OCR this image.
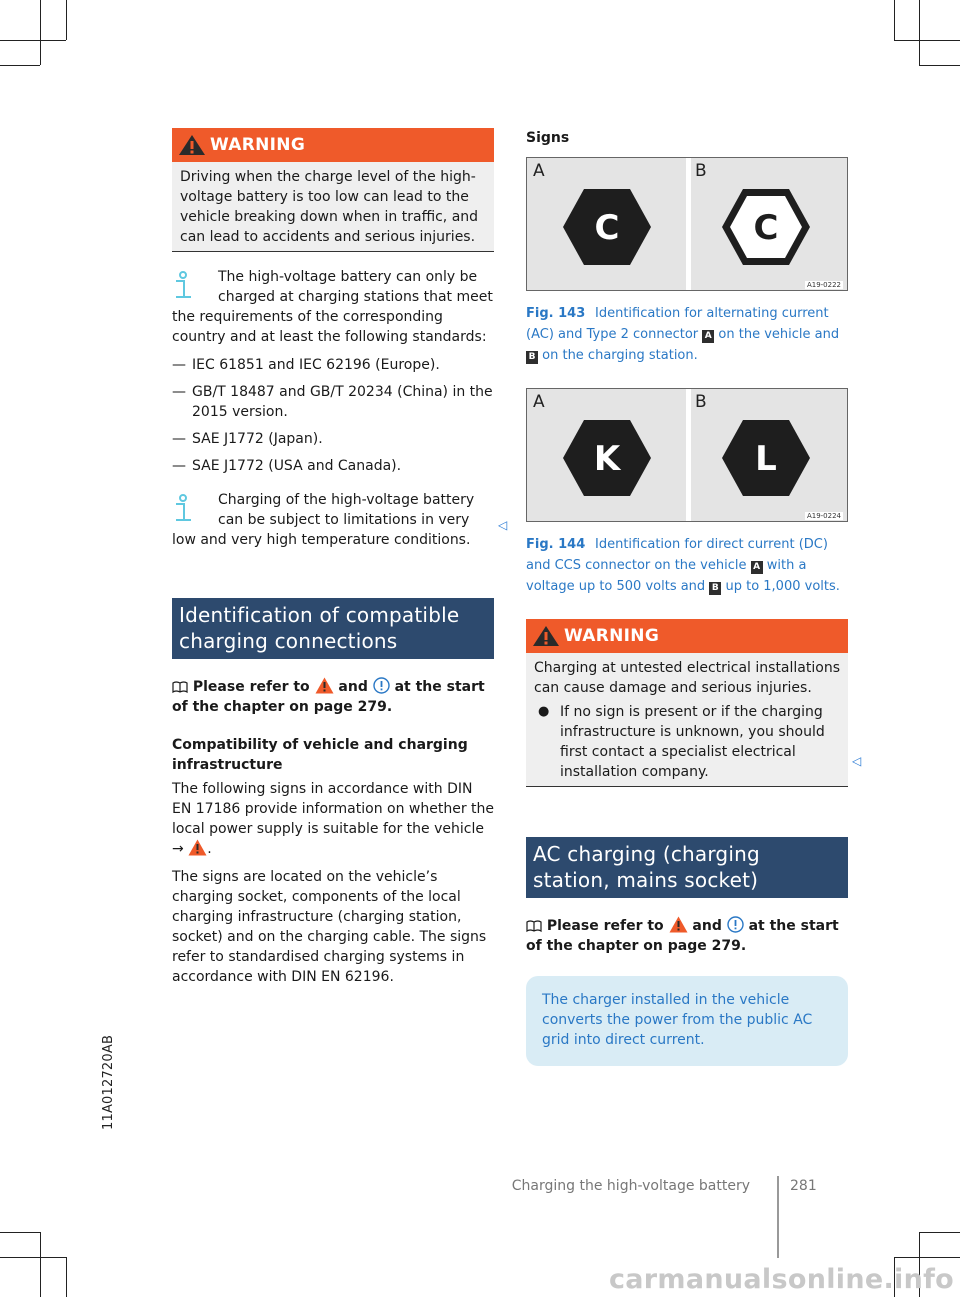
WARNING
Driving when the charge level of the high-voltage battery is too low can lead to the vehicle breaking down when in traffic, and can lead to accidents and serious injuries.
The high-voltage battery can only be charged at charging stations that meet
the requirements of the corresponding country and at least the following standards:
— IEC 61851 and IEC 62196 (Europe).
— GB/T 18487 and GB/T 20234 (China) in the 2015 version.
— SAE J1772 (Japan).
— SAE J1772 (USA and Canada).
Charging of the high-voltage battery can be subject to limitations in very
low and very high temperature conditions.
Identification of compatible charging connections
Please refer to and at the start of the chapter on page 279.
Compatibility of vehicle and charging infrastructure
The following signs in accordance with DIN EN 17186 provide information on whether the local power supply is suitable for the vehicle → .
The signs are located on the vehicle’s charging socket, components of the local charging infrastructure (charging station, socket) and on the charging cable. The signs refer to standardised charging systems in accordance with DIN EN 62196.
◁
Signs
A	B
C	C
A19-0222
Fig. 143 Identification for alternating current (AC) and Type 2 connector A on the vehicle and B on the charging station.
A	B
K	L
A19-0224
Fig. 144 Identification for direct current (DC) and CCS connector on the vehicle A with a voltage up to 500 volts and B up to 1,000 volts.
WARNING
Charging at untested electrical installations can cause damage and serious injuries.
● If no sign is present or if the charging infrastructure is unknown, you should first contact a specialist electrical installation company.
AC charging (charging station, mains socket)
Please refer to and at the start of the chapter on page 279.
The charger installed in the vehicle converts the power from the public AC grid into direct current.
◁
11A012720AB
Charging the high-voltage battery	281
carmanualsonline.info
